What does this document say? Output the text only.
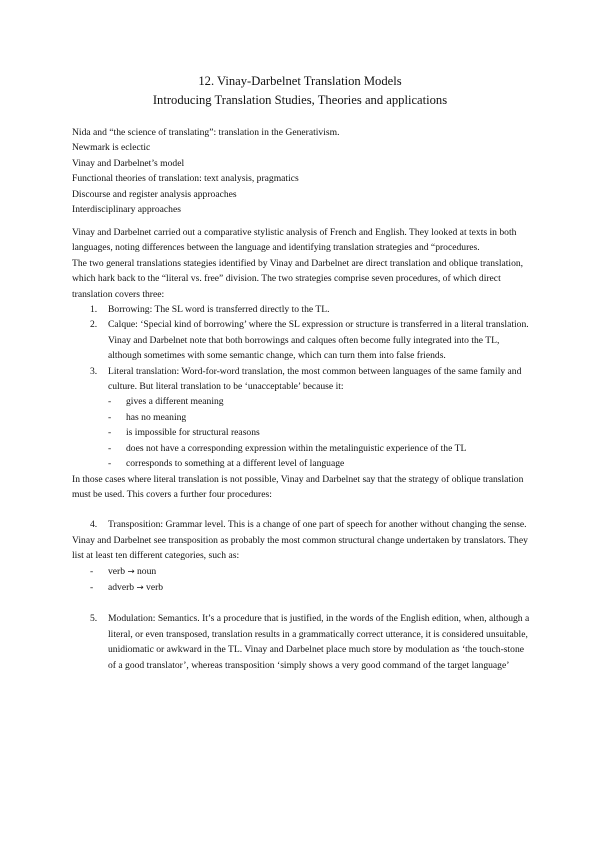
12. Vinay-Darbelnet Translation Models
Introducing Translation Studies, Theories and applications
Nida and “the science of translating”: translation in the Generativism.
Newmark is eclectic
Vinay and Darbelnet’s model
Functional theories of translation: text analysis, pragmatics
Discourse and register analysis approaches
Interdisciplinary approaches

Vinay and Darbelnet carried out a comparative stylistic analysis of French and English. They looked at texts in both languages, noting differences between the language and identifying translation strategies and “procedures.

The two general translations stategies identified by Vinay and Darbelnet are direct translation and oblique translation, which hark back to the “literal vs. free” division. The two strategies comprise seven procedures, of which direct translation covers three:

1. Borrowing: The SL word is transferred directly to the TL.
2. Calque: ‘Special kind of borrowing’ where the SL expression or structure is transferred in a literal translation. Vinay and Darbelnet note that both borrowings and calques often become fully integrated into the TL, although sometimes with some semantic change, which can turn them into false friends.
3. Literal translation: Word-for-word translation, the most common between languages of the same family and culture. But literal translation to be ‘unacceptable’ because it:
- gives a different meaning
- has no meaning
- is impossible for structural reasons
- does not have a corresponding expression within the metalinguistic experience of the TL
- corresponds to something at a different level of language

In those cases where literal translation is not possible, Vinay and Darbelnet say that the strategy of oblique translation must be used. This covers a further four procedures:

4. Transposition: Grammar level. This is a change of one part of speech for another without changing the sense.

Vinay and Darbelnet see transposition as probably the most common structural change undertaken by translators. They list at least ten different categories, such as:

- verb → noun
- adverb → verb
5. Modulation: Semantics. It’s a procedure that is justified, in the words of the English edition, when, although a literal, or even transposed, translation results in a grammatically correct utterance, it is considered unsuitable, unidiomatic or awkward in the TL. Vinay and Darbelnet place much store by modulation as ‘the touch-stone of a good translator’, whereas transposition ‘simply shows a very good command of the target language’
